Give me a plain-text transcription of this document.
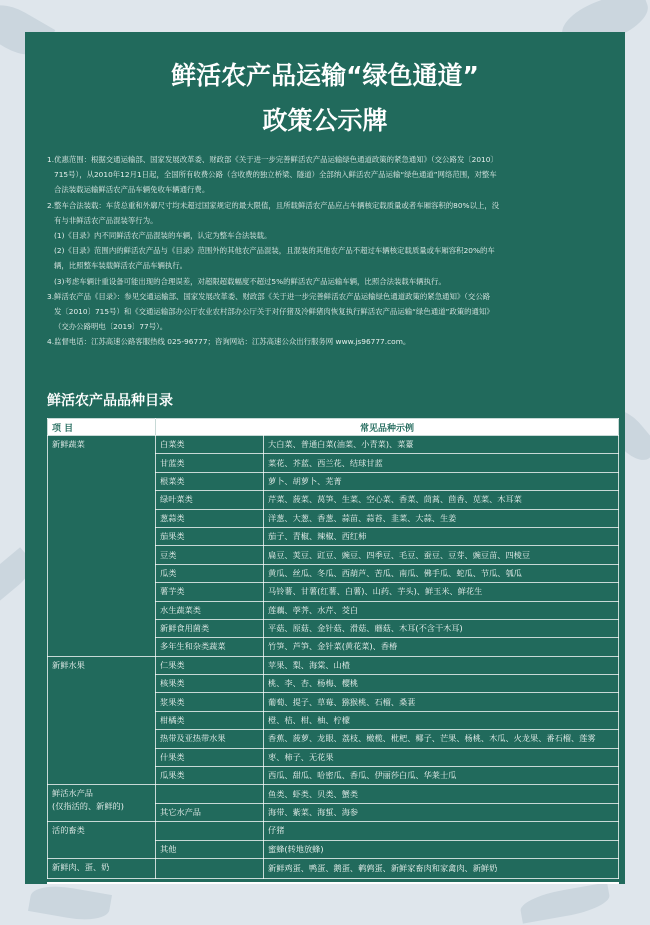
鲜活农产品运输“绿色通道”
政策公示牌

1.优惠范围：根据交通运输部、国家发展改革委、财政部《关于进一步完善鲜活农产品运输绿色通道政策的紧急通知》（交公路发〔2010〕

715号），从2010年12月1日起，全国所有收费公路（含收费的独立桥梁、隧道）全部纳入鲜活农产品运输“绿色通道”网络范围，对整车

合法装载运输鲜活农产品车辆免收车辆通行费。

2.整车合法装载：车货总重和外廓尺寸均未超过国家规定的最大限值，且所载鲜活农产品应占车辆核定载质量或者车厢容积的80%以上，没

有与非鲜活农产品混装等行为。

(1)《目录》内不同鲜活农产品混装的车辆，认定为整车合法装载。

(2)《目录》范围内的鲜活农产品与《目录》范围外的其他农产品混装，且混装的其他农产品不超过车辆核定载质量或车厢容积20%的车

辆，比照整车装载鲜活农产品车辆执行。

(3)考虑车辆计重设备可能出现的合理误差，对超限超载幅度不超过5%的鲜活农产品运输车辆，比照合法装载车辆执行。

3.鲜活农产品《目录》：参见交通运输部、国家发展改革委、财政部《关于进一步完善鲜活农产品运输绿色通道政策的紧急通知》（交公路

发〔2010〕715号）和《交通运输部办公厅农业农村部办公厅关于对仔猪及冷鲜猪肉恢复执行鲜活农产品运输“绿色通道”政策的通知》

（交办公路明电〔2019〕77号）。

4.监督电话：江苏高速公路客服热线 025-96777；咨询网站：江苏高速公众出行服务网 www.js96777.com。

鲜活农产品品种目录
项 目	常见品种示例	
新鲜蔬菜	白菜类	大白菜、普通白菜(油菜、小青菜)、菜薹
	甘蓝类	菜花、芥蓝、西兰花、结球甘蓝
	根菜类	萝卜、胡萝卜、芜菁
	绿叶菜类	芹菜、菠菜、莴笋、生菜、空心菜、香菜、茼蒿、茴香、苋菜、木耳菜
	葱蒜类	洋葱、大葱、香葱、蒜苗、蒜苔、韭菜、大蒜、生姜
	茄果类	茄子、青椒、辣椒、西红柿
	豆类	扁豆、荚豆、豇豆、豌豆、四季豆、毛豆、蚕豆、豆芽、豌豆苗、四棱豆
	瓜类	黄瓜、丝瓜、冬瓜、西葫芦、苦瓜、南瓜、佛手瓜、蛇瓜、节瓜、瓠瓜
	薯芋类	马铃薯、甘薯(红薯、白薯)、山药、芋头)、鲜玉米、鲜花生
	水生蔬菜类	莲藕、荸荠、水芹、茭白
	新鲜食用菌类	平菇、原菇、金针菇、滑菇、蘑菇、木耳(不含干木耳)
	多年生和杂类蔬菜	竹笋、芦笋、金针菜(黄花菜)、香椿
新鲜水果	仁果类	苹果、梨、海棠、山楂
	核果类	桃、李、杏、杨梅、樱桃
	浆果类	葡萄、提子、草莓、猕猴桃、石榴、桑葚
	柑橘类	橙、桔、柑、柚、柠檬
	热带及亚热带水果	香蕉、菠萝、龙眼、荔枝、橄榄、枇杷、椰子、芒果、杨桃、木瓜、火龙果、番石榴、莲雾
	什果类	枣、柿子、无花果
	瓜果类	西瓜、甜瓜、哈密瓜、香瓜、伊丽莎白瓜、华莱士瓜
鲜活水产品
(仅指活的、新鲜的)		鱼类、虾类、贝类、蟹类
	其它水产品	海带、紫菜、海蜇、海参
活的畜类		仔猪
	其他	蜜蜂(转地放蜂)
新鲜肉、蛋、奶		新鲜鸡蛋、鸭蛋、鹅蛋、鹌鹑蛋、新鲜家畜肉和家禽肉、新鲜奶
